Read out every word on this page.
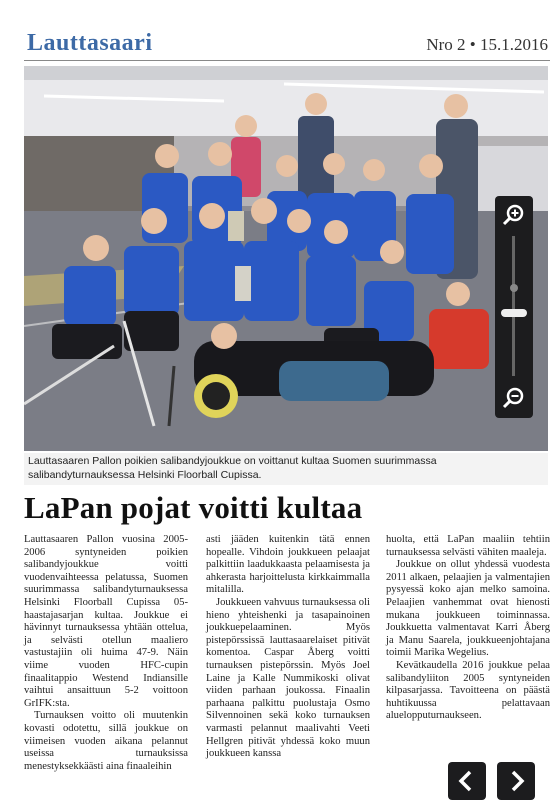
Lauttasaari	Nro 2 • 15.1.2016
Lauttasaaren Pallon poikien salibandyjoukkue on voittanut kultaa Suomen suurimmassa salibandyturnauksessa Helsinki Floorball Cupissa.
LaPan pojat voitti kultaa

Lauttasaaren Pallon vuosina 2005-2006 syntyneiden poikien salibandyjoukkue voitti vuodenvaihteessa pelatussa, Suomen suurimmassa salibandyturnauksessa Helsinki Floorball Cupissa 05-haastajasarjan kultaa. Joukkue ei hävinnyt turnauksessa yhtään ottelua, ja selvästi otellun maaliero vastustajiin oli huima 47-9. Näin viime vuoden HFC-cupin finaalitappio Westend Indiansille vaihtui ansaittuun 5-2 voittoon GrIFK:sta.

Turnauksen voitto oli muutenkin kovasti odotettu, sillä joukkue on viimeisen vuoden aikana pelannut useissa turnauksissa menestyksekkäästi aina finaaleihin

asti jääden kuitenkin tätä ennen hopealle. Vihdoin joukkueen pelaajat palkittiin laadukkaasta pelaamisesta ja ahkerasta harjoittelusta kirkkaimmalla mitalilla.

Joukkueen vahvuus turnauksessa oli hieno yhteishenki ja tasapainoinen joukkuepelaaminen. Myös pistepörssissä lauttasaarelaiset pitivät komentoa. Caspar Åberg voitti turnauksen pistepörssin. Myös Joel Laine ja Kalle Nummikoski olivat viiden parhaan joukossa. Finaalin parhaana palkittu puolustaja Osmo Silvennoinen sekä koko turnauksen varmasti pelannut maalivahti Veeti Hellgren pitivät yhdessä koko muun joukkueen kanssa

huolta, että LaPan maaliin tehtiin turnauksessa selvästi vähiten maaleja.

Joukkue on ollut yhdessä vuodesta 2011 alkaen, pelaajien ja valmentajien pysyessä koko ajan melko samoina. Pelaajien vanhemmat ovat hienosti mukana joukkueen toiminnassa. Joukkuetta valmentavat Karri Åberg ja Manu Saarela, joukkueenjohtajana toimii Marika Wegelius.

Kevätkaudella 2016 joukkue pelaa salibandyliiton 2005 syntyneiden kilpasarjassa. Tavoitteena on päästä huhtikuussa pelattavaan aluelopputurnaukseen.
